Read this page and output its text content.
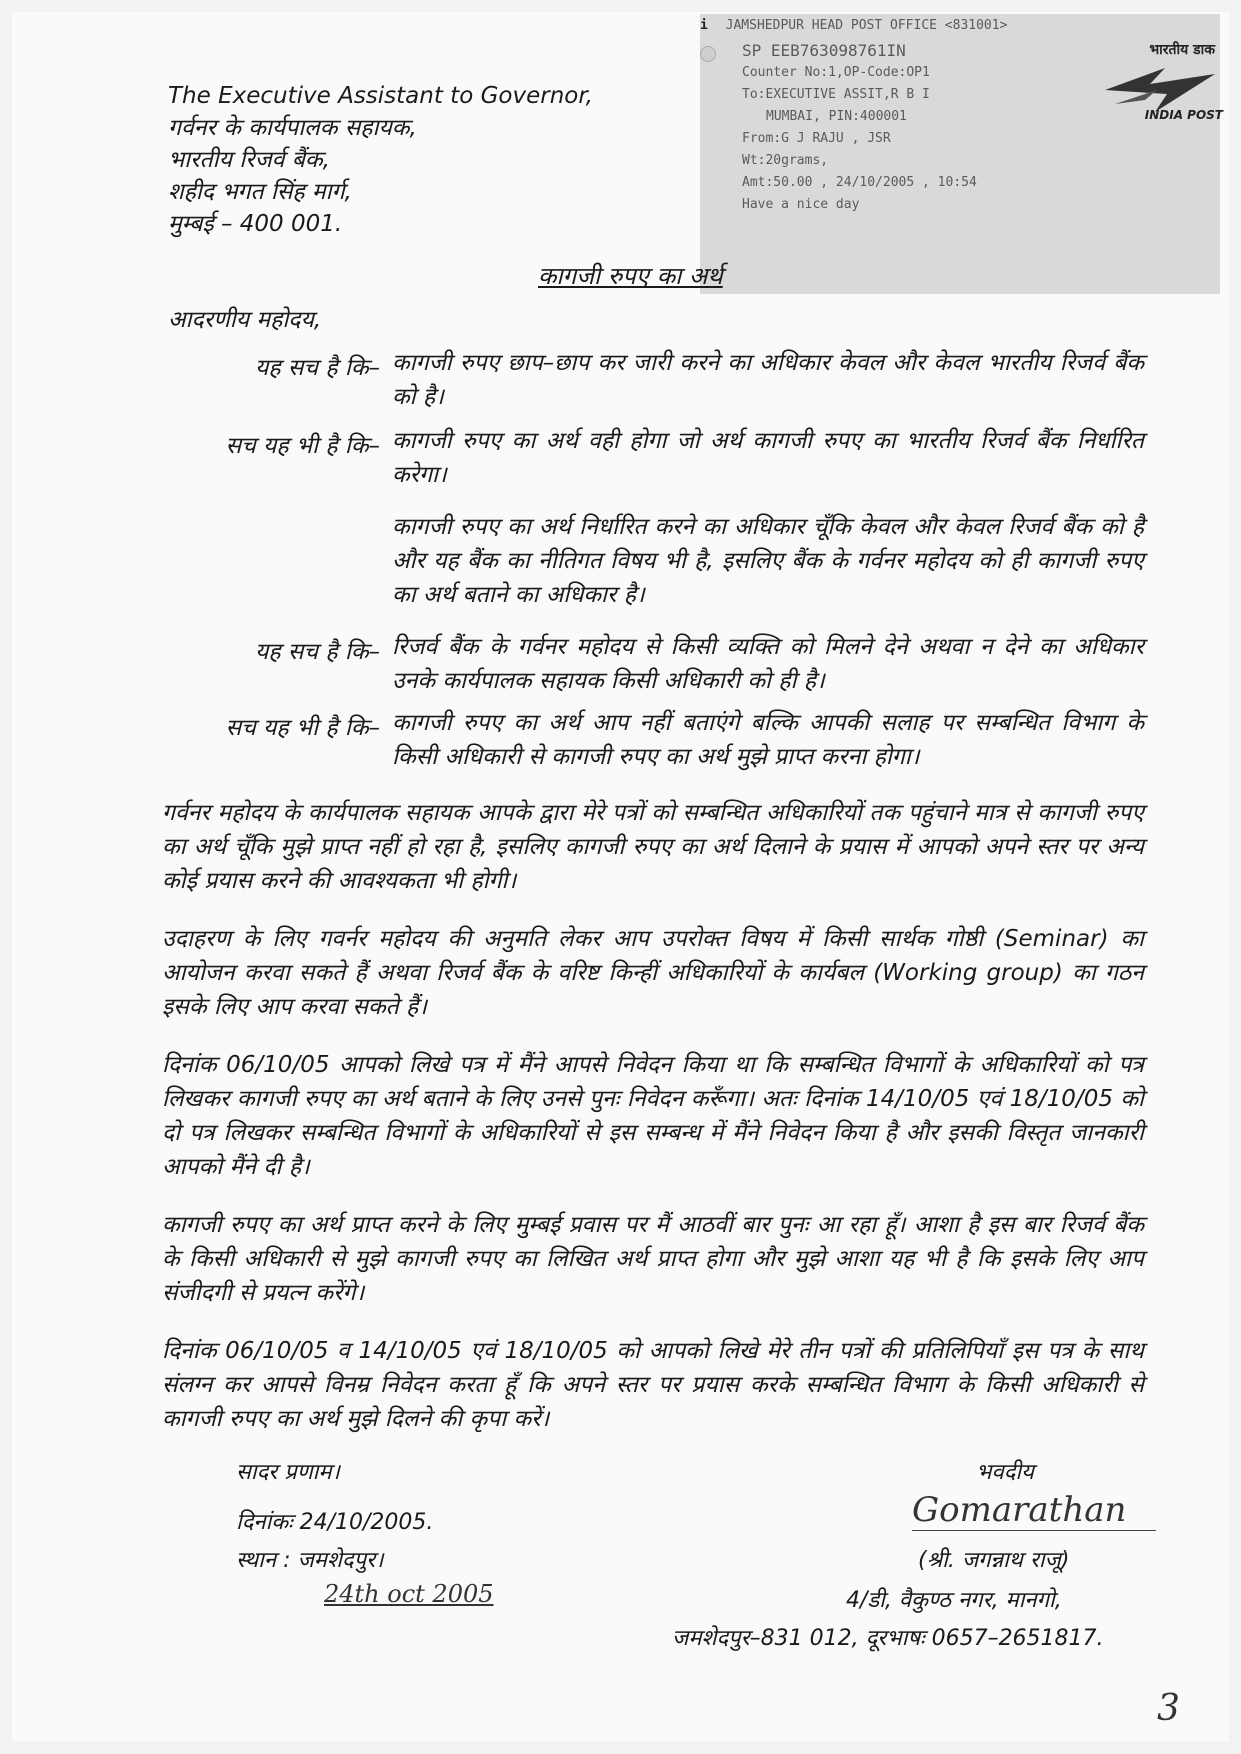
i JAMSHEDPUR HEAD POST OFFICE <831001>
SP EEB763098761IN
Counter No:1,OP-Code:OP1
To:EXECUTIVE ASSIT,R B I
MUMBAI, PIN:400001
From:G J RAJU , JSR
Wt:20grams,
Amt:50.00 , 24/10/2005 , 10:54
Have a nice day
भारतीय डाक
INDIA POST
The Executive Assistant to Governor,
गर्वनर के कार्यपालक सहायक,
भारतीय रिजर्व बैंक,
शहीद भगत सिंह मार्ग,
मुम्बई – 400 001.
कागजी रुपए का अर्थ
आदरणीय महोदय,
यह सच है कि– कागजी रुपए छाप–छाप कर जारी करने का अधिकार केवल और केवल भारतीय रिजर्व बैंक को है।
सच यह भी है कि– कागजी रुपए का अर्थ वही होगा जो अर्थ कागजी रुपए का भारतीय रिजर्व बैंक निर्धारित करेगा।
कागजी रुपए का अर्थ निर्धारित करने का अधिकार चूँकि केवल और केवल रिजर्व बैंक को है और यह बैंक का नीतिगत विषय भी है, इसलिए बैंक के गर्वनर महोदय को ही कागजी रुपए का अर्थ बताने का अधिकार है।
यह सच है कि– रिजर्व बैंक के गर्वनर महोदय से किसी व्यक्ति को मिलने देने अथवा न देने का अधिकार उनके कार्यपालक सहायक किसी अधिकारी को ही है।
सच यह भी है कि– कागजी रुपए का अर्थ आप नहीं बताएंगे बल्कि आपकी सलाह पर सम्बन्धित विभाग के किसी अधिकारी से कागजी रुपए का अर्थ मुझे प्राप्त करना होगा।
गर्वनर महोदय के कार्यपालक सहायक आपके द्वारा मेरे पत्रों को सम्बन्धित अधिकारियों तक पहुंचाने मात्र से कागजी रुपए का अर्थ चूँकि मुझे प्राप्त नहीं हो रहा है, इसलिए कागजी रुपए का अर्थ दिलाने के प्रयास में आपको अपने स्तर पर अन्य कोई प्रयास करने की आवश्यकता भी होगी।
उदाहरण के लिए गवर्नर महोदय की अनुमति लेकर आप उपरोक्त विषय में किसी सार्थक गोष्ठी (Seminar) का आयोजन करवा सकते हैं अथवा रिजर्व बैंक के वरिष्ट किन्हीं अधिकारियों के कार्यबल (Working group) का गठन इसके लिए आप करवा सकते हैं।
दिनांक 06/10/05 आपको लिखे पत्र में मैंने आपसे निवेदन किया था कि सम्बन्धित विभागों के अधिकारियों को पत्र लिखकर कागजी रुपए का अर्थ बताने के लिए उनसे पुनः निवेदन करूँगा। अतः दिनांक 14/10/05 एवं 18/10/05 को दो पत्र लिखकर सम्बन्धित विभागों के अधिकारियों से इस सम्बन्ध में मैंने निवेदन किया है और इसकी विस्तृत जानकारी आपको मैंने दी है।
कागजी रुपए का अर्थ प्राप्त करने के लिए मुम्बई प्रवास पर मैं आठवीं बार पुनः आ रहा हूँ। आशा है इस बार रिजर्व बैंक के किसी अधिकारी से मुझे कागजी रुपए का लिखित अर्थ प्राप्त होगा और मुझे आशा यह भी है कि इसके लिए आप संजीदगी से प्रयत्न करेंगे।
दिनांक 06/10/05 व 14/10/05 एवं 18/10/05 को आपको लिखे मेरे तीन पत्रों की प्रतिलिपियाँ इस पत्र के साथ संलग्न कर आपसे विनम्र निवेदन करता हूँ कि अपने स्तर पर प्रयास करके सम्बन्धित विभाग के किसी अधिकारी से कागजी रुपए का अर्थ मुझे दिलने की कृपा करें।
सादर प्रणाम।
दिनांकः 24/10/2005.
स्थान : जमशेदपुर।
24th oct 2005
भवदीय
Gomarathan
(श्री. जगन्नाथ राजू)
4/डी, वैकुण्ठ नगर, मानगो,
जमशेदपुर–831 012, दूरभाषः 0657–2651817.
3
